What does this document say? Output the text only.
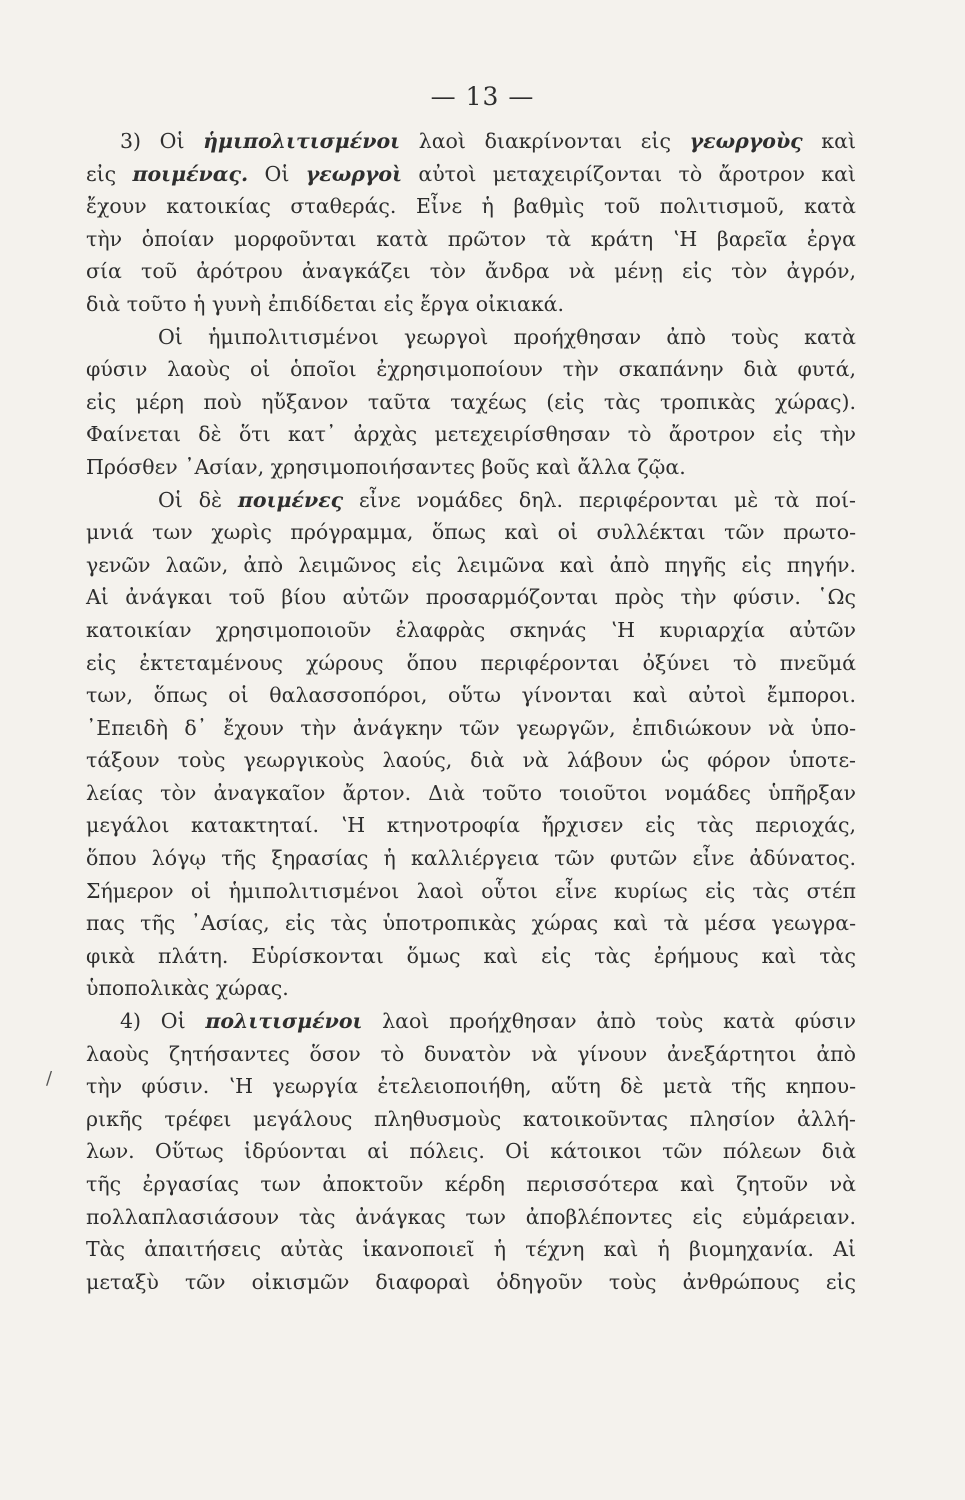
— 13 —
/
3) Οἱ ἡμιπολιτισμένοι λαοὶ διακρίνονται εἰς γεωργοὺς καὶ
εἰς ποιμένας. Οἱ γεωργοὶ αὐτοὶ μεταχειρίζονται τὸ ἄροτρον καὶ
ἔχουν κατοικίας σταθεράς. Εἶνε ἡ βαθμὶς τοῦ πολιτισμοῦ, κατὰ
τὴν ὁποίαν μορφοῦνται κατὰ πρῶτον τὰ κράτη ʽΗ βαρεῖα ἐργα
σία τοῦ ἀρότρου ἀναγκάζει τὸν ἄνδρα νὰ μένῃ εἰς τὸν ἀγρόν,
διὰ τοῦτο ἡ γυνὴ ἐπιδίδεται εἰς ἔργα οἰκιακά.
Οἱ ἡμιπολιτισμένοι γεωργοὶ προήχθησαν ἀπὸ τοὺς κατὰ
φύσιν λαοὺς οἱ ὁποῖοι ἐχρησιμοποίουν τὴν σκαπάνην διὰ φυτά,
εἰς μέρη ποὺ ηὔξανον ταῦτα ταχέως (εἰς τὰς τροπικὰς χώρας).
Φαίνεται δὲ ὅτι κατ᾽ ἀρχὰς μετεχειρίσθησαν τὸ ἄροτρον εἰς τὴν
Πρόσθεν ᾿Ασίαν, χρησιμοποιήσαντες βοῦς καὶ ἄλλα ζῷα.
Οἱ δὲ ποιμένες εἶνε νομάδες δηλ. περιφέρονται μὲ τὰ ποί-
μνιά των χωρὶς πρόγραμμα, ὅπως καὶ οἱ συλλέκται τῶν πρωτο-
γενῶν λαῶν, ἀπὸ λειμῶνος εἰς λειμῶνα καὶ ἀπὸ πηγῆς εἰς πηγήν.
Αἱ ἀνάγκαι τοῦ βίου αὐτῶν προσαρμόζονται πρὸς τὴν φύσιν. ῾Ως
κατοικίαν χρησιμοποιοῦν ἐλαφρὰς σκηνάς ʽΗ κυριαρχία αὐτῶν
εἰς ἐκτεταμένους χώρους ὅπου περιφέρονται ὀξύνει τὸ πνεῦμά
των, ὅπως οἱ θαλασσοπόροι, οὕτω γίνονται καὶ αὐτοὶ ἔμποροι.
᾿Επειδὴ δ᾽ ἔχουν τὴν ἀνάγκην τῶν γεωργῶν, ἐπιδιώκουν νὰ ὑπο-
τάξουν τοὺς γεωργικοὺς λαούς, διὰ νὰ λάβουν ὡς φόρον ὑποτε-
λείας τὸν ἀναγκαῖον ἄρτον. Διὰ τοῦτο τοιοῦτοι νομάδες ὑπῆρξαν
μεγάλοι κατακτηταί. ʽΗ κτηνοτροφία ἤρχισεν εἰς τὰς περιοχάς,
ὅπου λόγῳ τῆς ξηρασίας ἡ καλλιέργεια τῶν φυτῶν εἶνε ἀδύνατος.
Σήμερον οἱ ἡμιπολιτισμένοι λαοὶ οὗτοι εἶνε κυρίως εἰς τὰς στέπ
πας τῆς ᾿Ασίας, εἰς τὰς ὑποτροπικὰς χώρας καὶ τὰ μέσα γεωγρα-
φικὰ πλάτη. Εὑρίσκονται ὅμως καὶ εἰς τὰς ἐρήμους καὶ τὰς
ὑποπολικὰς χώρας.
4) Οἱ πολιτισμένοι λαοὶ προήχθησαν ἀπὸ τοὺς κατὰ φύσιν
λαοὺς ζητήσαντες ὅσον τὸ δυνατὸν νὰ γίνουν ἀνεξάρτητοι ἀπὸ
τὴν φύσιν. ʽΗ γεωργία ἐτελειοποιήθη, αὕτη δὲ μετὰ τῆς κηπου-
ρικῆς τρέφει μεγάλους πληθυσμοὺς κατοικοῦντας πλησίον ἀλλή-
λων. Οὕτως ἱδρύονται αἱ πόλεις. Οἱ κάτοικοι τῶν πόλεων διὰ
τῆς ἐργασίας των ἀποκτοῦν κέρδη περισσότερα καὶ ζητοῦν νὰ
πολλαπλασιάσουν τὰς ἀνάγκας των ἀποβλέποντες εἰς εὐμάρειαν.
Τὰς ἀπαιτήσεις αὐτὰς ἱκανοποιεῖ ἡ τέχνη καὶ ἡ βιομηχανία. Αἱ
μεταξὺ τῶν οἰκισμῶν διαφοραὶ ὁδηγοῦν τοὺς ἀνθρώπους εἰς
